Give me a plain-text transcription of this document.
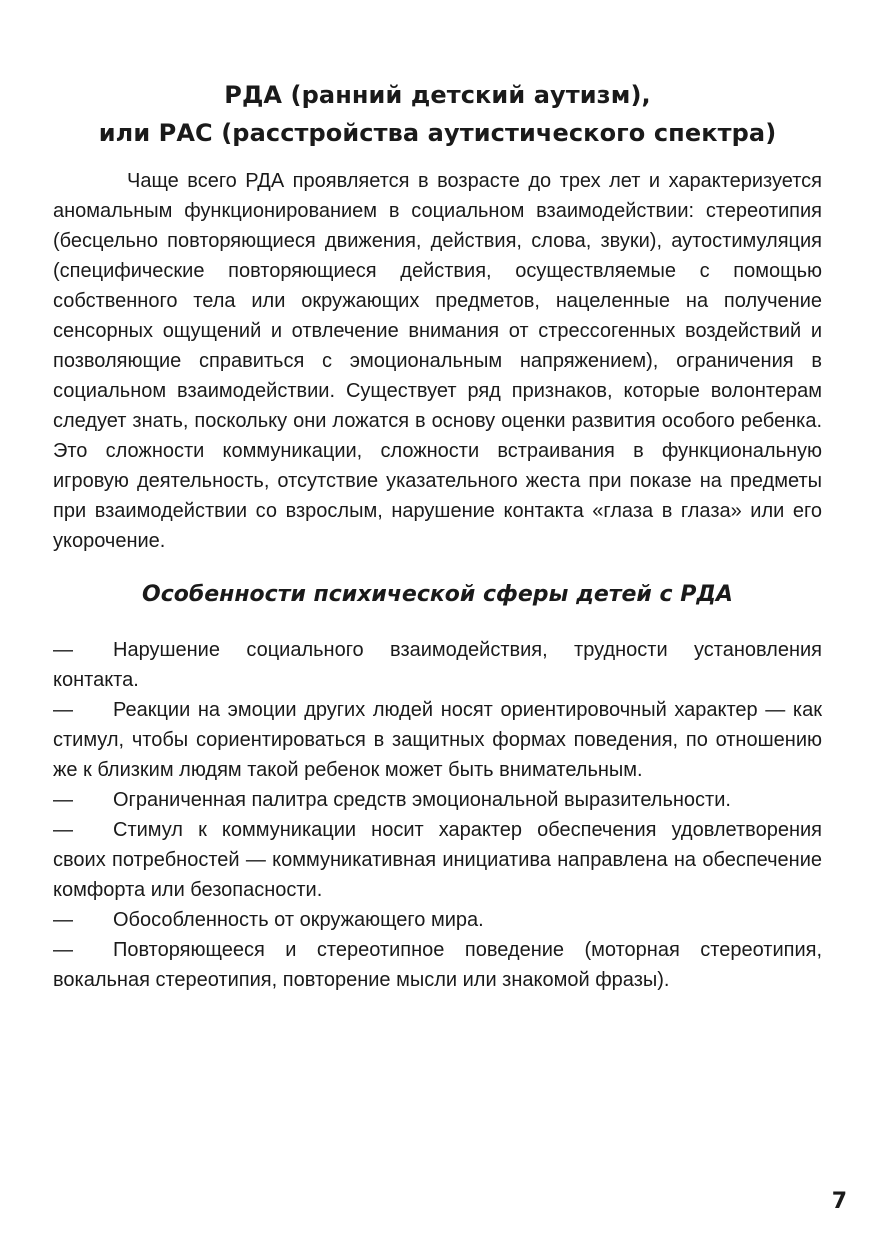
РДА (ранний детский аутизм),
или РАС (расстройства аутистического спектра)

Чаще всего РДА проявляется в возрасте до трех лет и характеризуется аномальным функционированием в социальном взаимодействии: стереотипия (бесцельно повторяющиеся движения, действия, слова, звуки), аутостимуляция (специфические повторяющиеся действия, осуществляемые с помощью собственного тела или окружающих предметов, нацеленные на получение сенсорных ощущений и отвлечение внимания от стрессогенных воздействий и позволяющие справиться с эмоциональным напряжением), ограничения в социальном взаимодействии. Существует ряд признаков, которые волонтерам следует знать, поскольку они ложатся в основу оценки развития особого ребенка. Это сложности коммуникации, сложности встраивания в функциональную игровую деятельность, отсутствие указательного жеста при показе на предметы при взаимодействии со взрослым, нарушение контакта «глаза в глаза» или его укорочение.

Особенности психической сферы детей с РДА
— Нарушение социального взаимодействия, трудности установления контакта.
— Реакции на эмоции других людей носят ориентировочный характер — как стимул, чтобы сориентироваться в защитных формах поведения, по отношению же к близким людям такой ребенок может быть внимательным.
— Ограниченная палитра средств эмоциональной выразительности.
— Стимул к коммуникации носит характер обеспечения удовлетворения своих потребностей — коммуникативная инициатива направлена на обеспечение комфорта или безопасности.
— Обособленность от окружающего мира.
— Повторяющееся и стереотипное поведение (моторная стереотипия, вокальная стереотипия, повторение мысли или знакомой фразы).
7
